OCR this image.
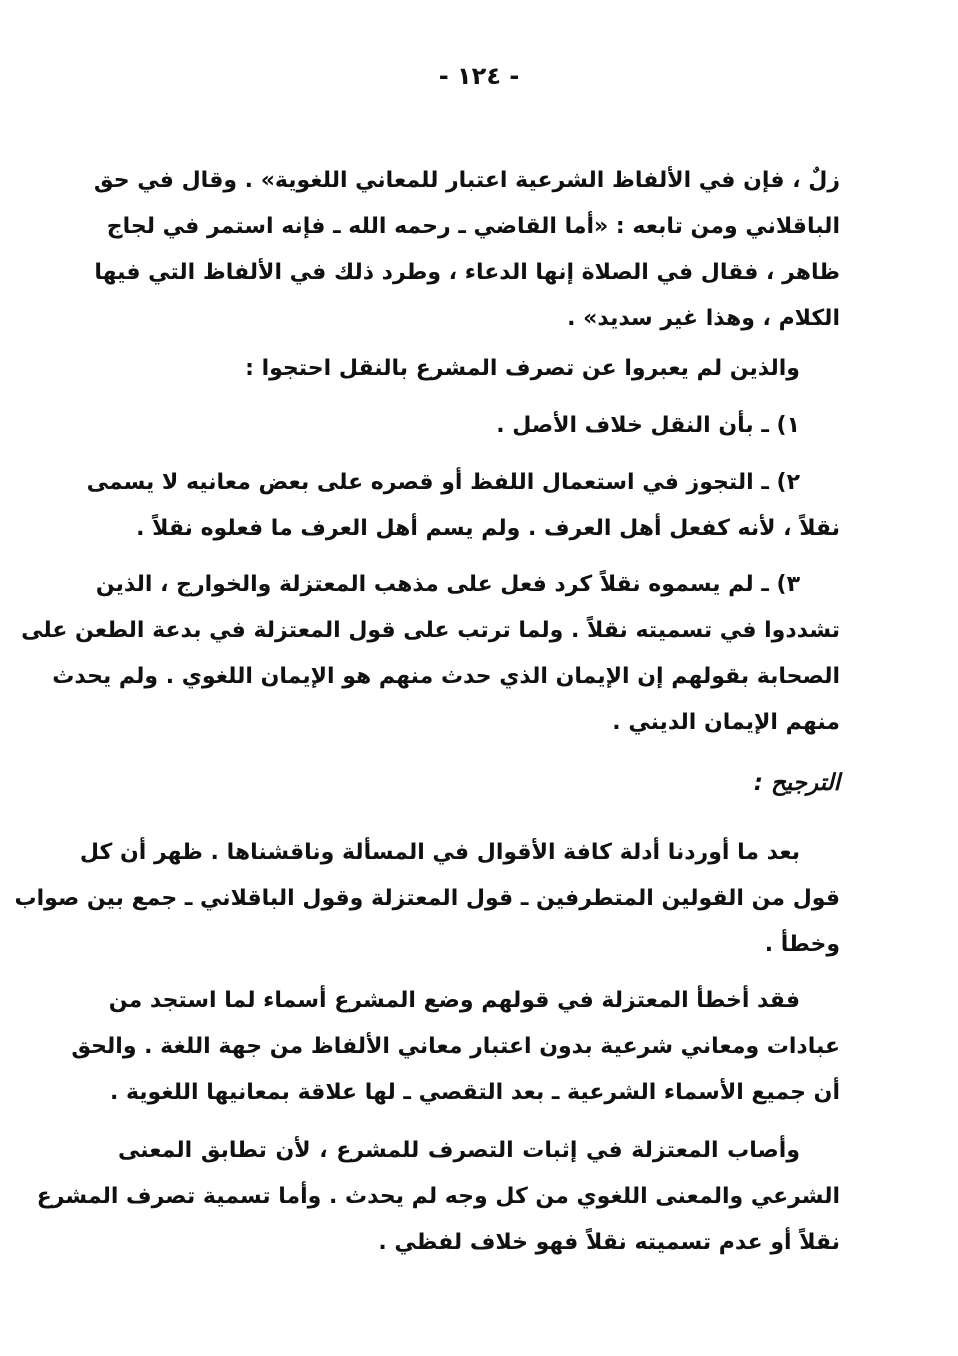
- ١٢٤ -
زلٌ ، فإن في الألفاظ الشرعية اعتبار للمعاني اللغوية» . وقال في حق
الباقلاني ومن تابعه : «أما القاضي ـ رحمه الله ـ فإنه استمر في لجاج
ظاهر ، فقال في الصلاة إنها الدعاء ، وطرد ذلك في الألفاظ التي فيها
الكلام ، وهذا غير سديد» .
والذين لم يعبروا عن تصرف المشرع بالنقل احتجوا :
١) ـ بأن النقل خلاف الأصل .
٢) ـ التجوز في استعمال اللفظ أو قصره على بعض معانيه لا يسمى
نقلاً ، لأنه كفعل أهل العرف . ولم يسم أهل العرف ما فعلوه نقلاً .
٣) ـ لم يسموه نقلاً كرد فعل على مذهب المعتزلة والخوارج ، الذين
تشددوا في تسميته نقلاً . ولما ترتب على قول المعتزلة في بدعة الطعن على
الصحابة بقولهم إن الإيمان الذي حدث منهم هو الإيمان اللغوي . ولم يحدث
منهم الإيمان الديني .
الترجيح :
بعد ما أوردنا أدلة كافة الأقوال في المسألة وناقشناها . ظهر أن كل
قول من القولين المتطرفين ـ قول المعتزلة وقول الباقلاني ـ جمع بين صواب
وخطأ .
فقد أخطأ المعتزلة في قولهم وضع المشرع أسماء لما استجد من
عبادات ومعاني شرعية بدون اعتبار معاني الألفاظ من جهة اللغة . والحق
أن جميع الأسماء الشرعية ـ بعد التقصي ـ لها علاقة بمعانيها اللغوية .
وأصاب المعتزلة في إثبات التصرف للمشرع ، لأن تطابق المعنى
الشرعي والمعنى اللغوي من كل وجه لم يحدث . وأما تسمية تصرف المشرع
نقلاً أو عدم تسميته نقلاً فهو خلاف لفظي .
